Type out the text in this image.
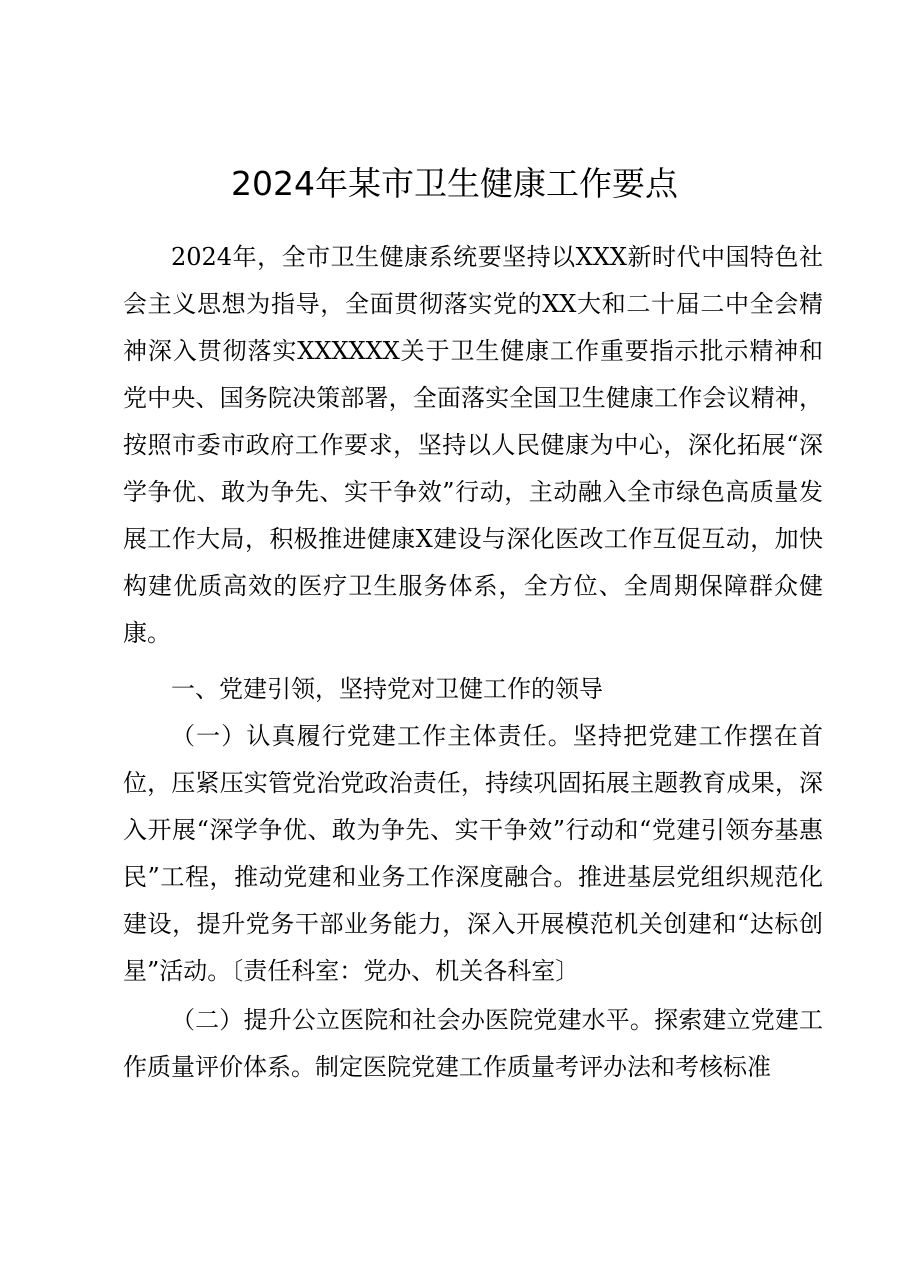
2024年某市卫生健康工作要点

2024年，全市卫生健康系统要坚持以XXX新时代中国特色社会主义思想为指导，全面贯彻落实党的XX大和二十届二中全会精神深入贯彻落实XXXXXX关于卫生健康工作重要指示批示精神和党中央、国务院决策部署，全面落实全国卫生健康工作会议精神，按照市委市政府工作要求，坚持以人民健康为中心，深化拓展“深学争优、敢为争先、实干争效”行动，主动融入全市绿色高质量发展工作大局，积极推进健康X建设与深化医改工作互促互动，加快构建优质高效的医疗卫生服务体系，全方位、全周期保障群众健康。

一、党建引领，坚持党对卫健工作的领导

（一）认真履行党建工作主体责任。坚持把党建工作摆在首位，压紧压实管党治党政治责任，持续巩固拓展主题教育成果，深入开展“深学争优、敢为争先、实干争效”行动和“党建引领夯基惠民”工程，推动党建和业务工作深度融合。推进基层党组织规范化建设，提升党务干部业务能力，深入开展模范机关创建和“达标创星”活动。〔责任科室：党办、机关各科室〕

（二）提升公立医院和社会办医院党建水平。探索建立党建工作质量评价体系。制定医院党建工作质量考评办法和考核标准
